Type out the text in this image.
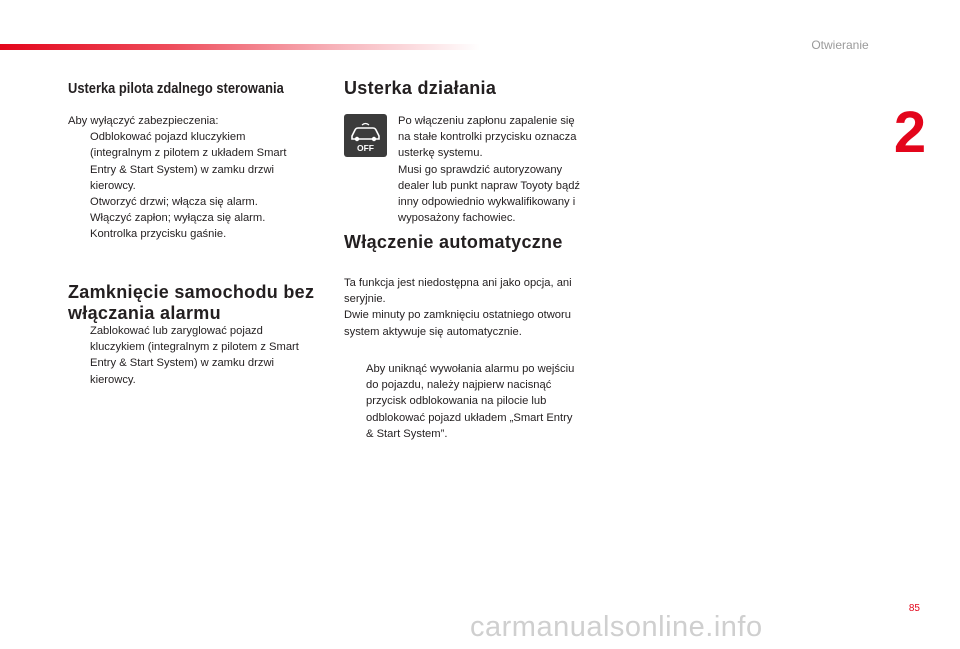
Otwieranie
2
Usterka pilota zdalnego sterowania
Aby wyłączyć zabezpieczenia:
Odblokować pojazd kluczykiem
(integralnym z pilotem z układem Smart
Entry & Start System) w zamku drzwi
kierowcy.
Otworzyć drzwi; włącza się alarm.
Włączyć zapłon; wyłącza się alarm.
Kontrolka przycisku gaśnie.
Zamknięcie samochodu bez
włączania alarmu
Zablokować lub zaryglować pojazd
kluczykiem (integralnym z pilotem z Smart
Entry & Start System) w zamku drzwi
kierowcy.
Usterka działania
OFF
Po włączeniu zapłonu zapalenie się
na stałe kontrolki przycisku oznacza
usterkę systemu.
Musi go sprawdzić autoryzowany
dealer lub punkt napraw Toyoty bądź
inny odpowiednio wykwalifikowany i
wyposażony fachowiec.
Włączenie automatyczne
Ta funkcja jest niedostępna ani jako opcja, ani
seryjnie.
Dwie minuty po zamknięciu ostatniego otworu
system aktywuje się automatycznie.
Aby uniknąć wywołania alarmu po wejściu
do pojazdu, należy najpierw nacisnąć
przycisk odblokowania na pilocie lub
odblokować pojazd układem „Smart Entry
& Start System”.
85
carmanualsonline.info
